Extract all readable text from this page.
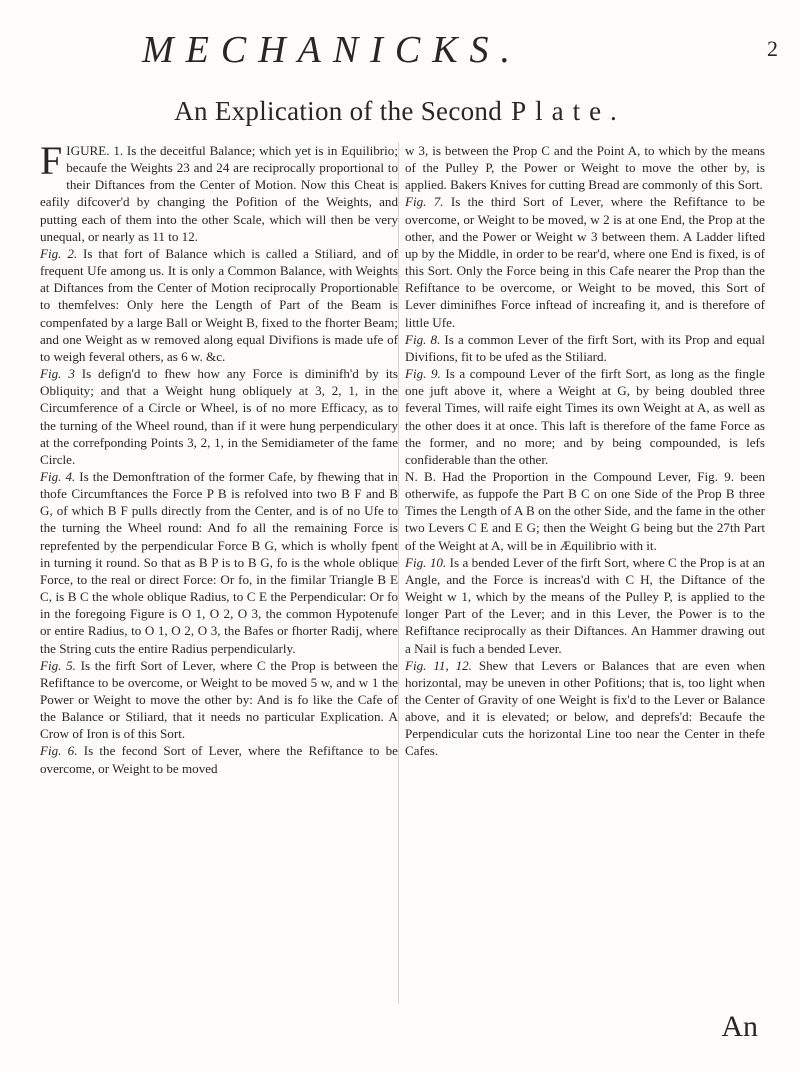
MECHANICKS.	2
An Explication of the Second Plate.

FIGURE. 1. Is the deceitful Balance; which yet is in Equilibrio; becaufe the Weights 23 and 24 are reciprocally proportional to their Diftances from the Center of Motion. Now this Cheat is eafily difcover'd by changing the Pofition of the Weights, and putting each of them into the other Scale, which will then be very unequal, or nearly as 11 to 12.

Fig. 2. Is that fort of Balance which is called a Stiliard, and of frequent Ufe among us. It is only a Common Balance, with Weights at Diftances from the Center of Motion reciprocally Proportionable to themfelves: Only here the Length of Part of the Beam is compenfated by a large Ball or Weight B, fixed to the fhorter Beam; and one Weight as w removed along equal Divifions is made ufe of to weigh feveral others, as 6 w. &c.

Fig. 3 Is defign'd to fhew how any Force is diminifh'd by its Obliquity; and that a Weight hung obliquely at 3, 2, 1, in the Circumference of a Circle or Wheel, is of no more Efficacy, as to the turning of the Wheel round, than if it were hung perpendiculary at the correfponding Points 3, 2, 1, in the Semidiameter of the fame Circle.

Fig. 4. Is the Demonftration of the former Cafe, by fhewing that in thofe Circumftances the Force P B is refolved into two B F and B G, of which B F pulls directly from the Center, and is of no Ufe to the turning the Wheel round: And fo all the remaining Force is reprefented by the perpendicular Force B G, which is wholly fpent in turning it round. So that as B P is to B G, fo is the whole oblique Force, to the real or direct Force: Or fo, in the fimilar Triangle B E C, is B C the whole oblique Radius, to C E the Perpendicular: Or fo in the foregoing Figure is O 1, O 2, O 3, the common Hypotenufe or entire Radius, to O 1, O 2, O 3, the Bafes or fhorter Radij, where the String cuts the entire Radius perpendicularly.

Fig. 5. Is the firft Sort of Lever, where C the Prop is between the Refiftance to be overcome, or Weight to be moved 5 w, and w 1 the Power or Weight to move the other by: And is fo like the Cafe of the Balance or Stiliard, that it needs no particular Explication. A Crow of Iron is of this Sort.

Fig. 6. Is the fecond Sort of Lever, where the Refiftance to be overcome, or Weight to be moved

w 3, is between the Prop C and the Point A, to which by the means of the Pulley P, the Power or Weight to move the other by, is applied. Bakers Knives for cutting Bread are commonly of this Sort.

Fig. 7. Is the third Sort of Lever, where the Refiftance to be overcome, or Weight to be moved, w 2 is at one End, the Prop at the other, and the Power or Weight w 3 between them. A Ladder lifted up by the Middle, in order to be rear'd, where one End is fixed, is of this Sort. Only the Force being in this Cafe nearer the Prop than the Refiftance to be overcome, or Weight to be moved, this Sort of Lever diminifhes Force inftead of increafing it, and is therefore of little Ufe.

Fig. 8. Is a common Lever of the firft Sort, with its Prop and equal Divifions, fit to be ufed as the Stiliard.

Fig. 9. Is a compound Lever of the firft Sort, as long as the fingle one juft above it, where a Weight at G, by being doubled three feveral Times, will raife eight Times its own Weight at A, as well as the other does it at once. This laft is therefore of the fame Force as the former, and no more; and by being compounded, is lefs confiderable than the other.

N. B. Had the Proportion in the Compound Lever, Fig. 9. been otherwife, as fuppofe the Part B C on one Side of the Prop B three Times the Length of A B on the other Side, and the fame in the other two Levers C E and E G; then the Weight G being but the 27th Part of the Weight at A, will be in Æquilibrio with it.

Fig. 10. Is a bended Lever of the firft Sort, where C the Prop is at an Angle, and the Force is increas'd with C H, the Diftance of the Weight w 1, which by the means of the Pulley P, is applied to the longer Part of the Lever; and in this Lever, the Power is to the Refiftance reciprocally as their Diftances. An Hammer drawing out a Nail is fuch a bended Lever.

Fig. 11, 12. Shew that Levers or Balances that are even when horizontal, may be uneven in other Pofitions; that is, too light when the Center of Gravity of one Weight is fix'd to the Lever or Balance above, and it is elevated; or below, and deprefs'd: Becaufe the Perpendicular cuts the horizontal Line too near the Center in thefe Cafes.

An
